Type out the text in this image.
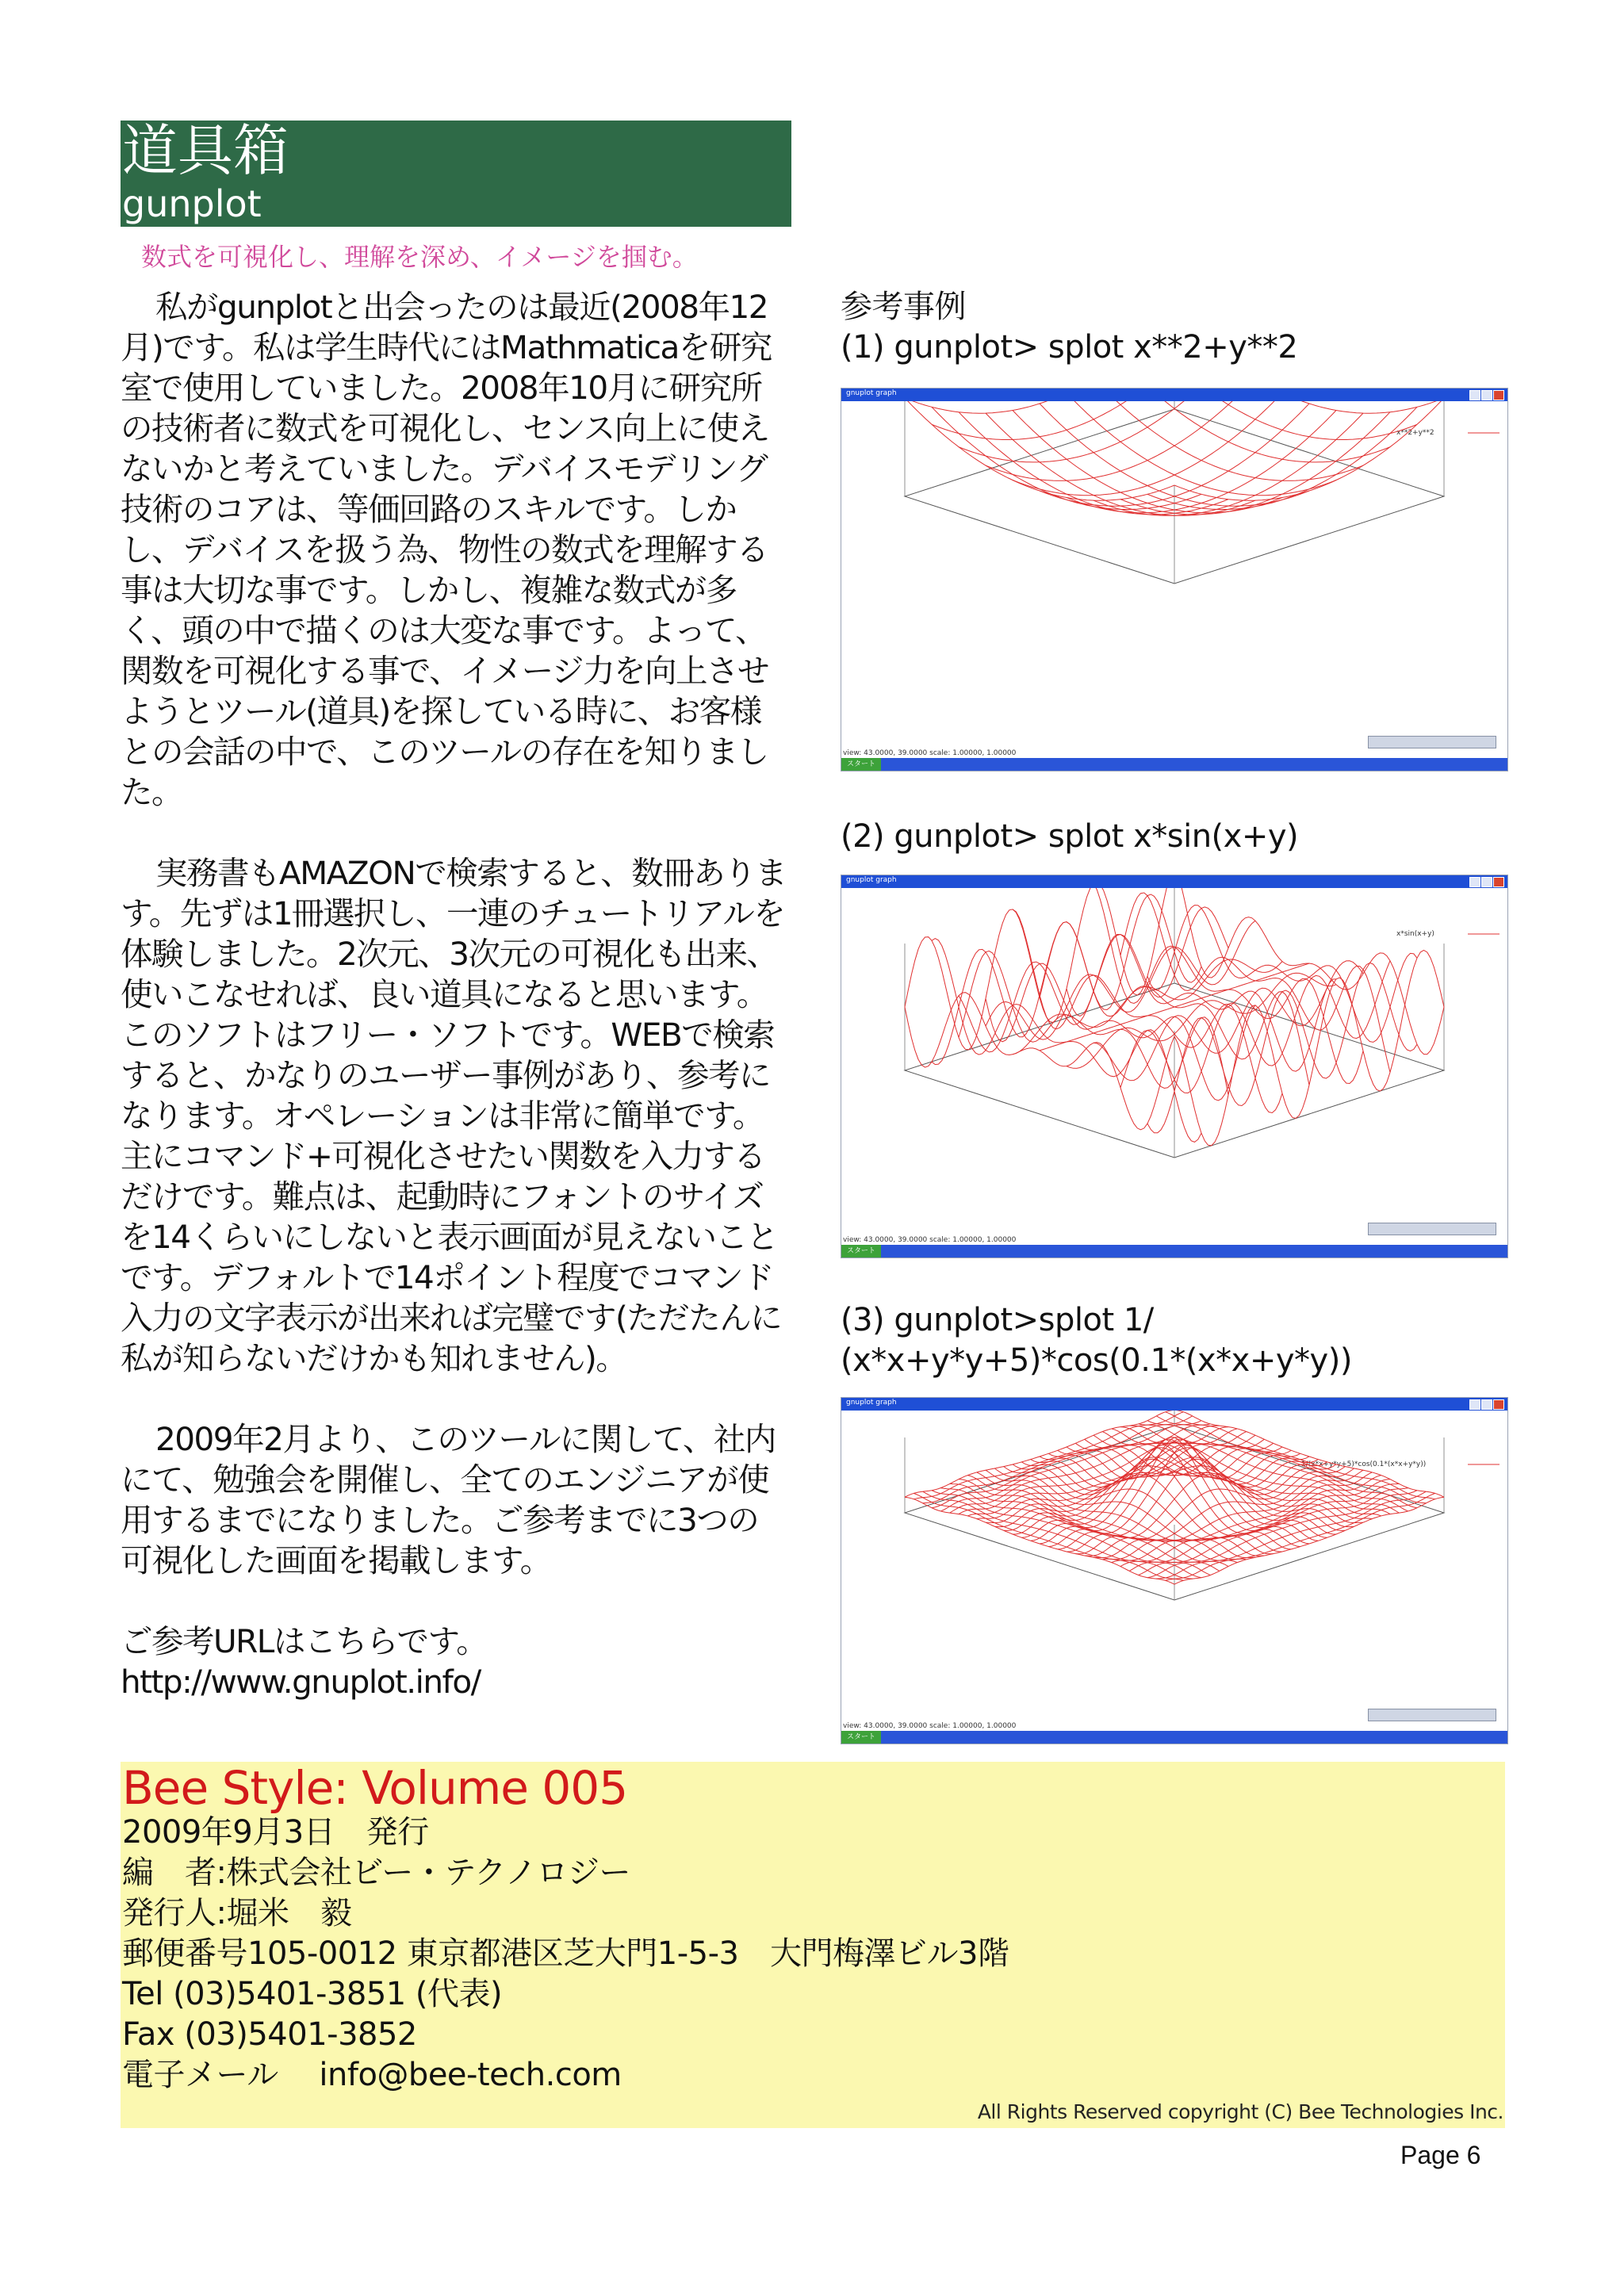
道具箱
gunplot
数式を可視化し、理解を深め、イメージを掴む。

私がgunplotと出会ったのは最近(2008年12月)です。私は学生時代にはMathmaticaを研究室で使用していました。2008年10月に研究所の技術者に数式を可視化し、センス向上に使えないかと考えていました。デバイスモデリング技術のコアは、等価回路のスキルです。しかし、デバイスを扱う為、物性の数式を理解する事は大切な事です。しかし、複雑な数式が多く、頭の中で描くのは大変な事です。よって、関数を可視化する事で、イメージ力を向上させようとツール(道具)を探している時に、お客様との会話の中で、このツールの存在を知りました。

実務書もAMAZONで検索すると、数冊あります。先ずは1冊選択し、一連のチュートリアルを体験しました。2次元、3次元の可視化も出来、使いこなせれば、良い道具になると思います。このソフトはフリー・ソフトです。WEBで検索すると、かなりのユーザー事例があり、参考になります。オペレーションは非常に簡単です。主にコマンド+可視化させたい関数を入力するだけです。難点は、起動時にフォントのサイズを14くらいにしないと表示画面が見えないことです。デフォルトで14ポイント程度でコマンド入力の文字表示が出来れば完璧です(ただたんに私が知らないだけかも知れません)。

2009年2月より、このツールに関して、社内にて、勉強会を開催し、全てのエンジニアが使用するまでになりました。ご参考までに3つの可視化した画面を掲載します。

ご参考URLはこちらです。

http://www.gnuplot.info/

参考事例
(1) gunplot> splot x**2+y**2
gnuplot graph
x**2+y**2
view: 43.0000, 39.0000 scale: 1.00000, 1.00000
スタート
(2) gunplot> splot x*sin(x+y)
gnuplot graph
x*sin(x+y)
view: 43.0000, 39.0000 scale: 1.00000, 1.00000
スタート
(3) gunplot>splot 1/
(x*x+y*y+5)*cos(0.1*(x*x+y*y))
gnuplot graph
1/(x*x+y*y+5)*cos(0.1*(x*x+y*y))
view: 43.0000, 39.0000 scale: 1.00000, 1.00000
スタート
Bee Style: Volume 005
2009年9月3日　発行
編　者:株式会社ビー・テクノロジー
発行人:堀米　毅
郵便番号105-0012 東京都港区芝大門1-5-3　大門梅澤ビル3階
Tel (03)5401-3851 (代表)
Fax (03)5401-3852
電子メール　 info@bee-tech.com
All Rights Reserved copyright (C) Bee Technologies Inc.
Page 6
